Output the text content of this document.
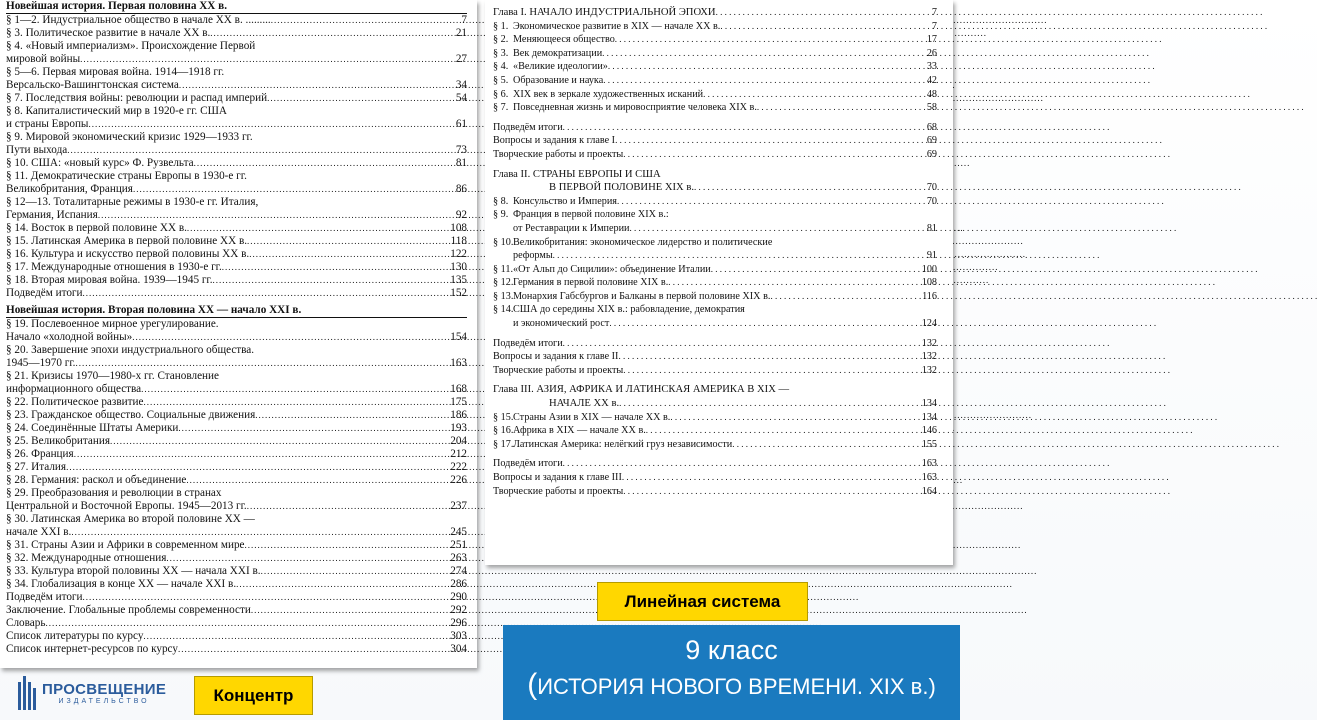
Новейшая история. Первая половина XX в.
§ 1—2. Индустриальное общество в начале XX в. ......... .....	7
§ 3. Политическое развитие в начале XX в. .....	21
§ 4. «Новый империализм». Происхождение Первой
мировой войны .....	27
§ 5—6. Первая мировая война. 1914—1918 гг.
Версальско-Вашингтонская система .....	34
§ 7. Последствия войны: революции и распад империй .....	54
§ 8. Капиталистический мир в 1920-е гг. США
и страны Европы .....	61
§ 9. Мировой экономический кризис 1929—1933 гг.
Пути выхода .....	73
§ 10. США: «новый курс» Ф. Рузвельта .....	81
§ 11. Демократические страны Европы в 1930-е гг.
Великобритания, Франция .....	86
§ 12—13. Тоталитарные режимы в 1930-е гг. Италия,
Германия, Испания .....	92
§ 14. Восток в первой половине XX в. .....	108
§ 15. Латинская Америка в первой половине XX в. .....	118
§ 16. Культура и искусство первой половины XX в. .....	122
§ 17. Международные отношения в 1930-е гг. .....	130
§ 18. Вторая мировая война. 1939—1945 гг. .....	135
Подведём итоги .....	152
Новейшая история. Вторая половина XX — начало XXI в.
§ 19. Послевоенное мирное урегулирование.
Начало «холодной войны» .....	154
§ 20. Завершение эпохи индустриального общества.
1945—1970 гг. .....	163
§ 21. Кризисы 1970—1980-х гг. Становление
информационного общества .....	168
§ 22. Политическое развитие .....	175
§ 23. Гражданское общество. Социальные движения .....	186
§ 24. Соединённые Штаты Америки .....	193
§ 25. Великобритания .....	204
§ 26. Франция .....	212
§ 27. Италия .....	222
§ 28. Германия: раскол и объединение .....	226
§ 29. Преобразования и революции в странах
Центральной и Восточной Европы. 1945—2013 гг. .....	237
§ 30. Латинская Америка во второй половине XX —
начале XXI в. .....	245
§ 31. Страны Азии и Африки в современном мире .....	251
§ 32. Международные отношения .....	263
§ 33. Культура второй половины XX — начала XXI в. .....	274
§ 34. Глобализация в конце XX — начале XXI в. .....	286
Подведём итоги .....	290
Заключение. Глобальные проблемы современности .....	292
Словарь .....	296
Список литературы по курсу .....	303
Список интернет-ресурсов по курсу .....	304
Глава I. НАЧАЛО ИНДУСТРИАЛЬНОЙ ЭПОХИ . . .	7
§ 1. Экономическое развитие в XIX — начале XX в. . . .	7
§ 2. Меняющееся общество . . .	17
§ 3. Век демократизации . . .	26
§ 4. «Великие идеологии» . . .	33
§ 5. Образование и наука . . .	42
§ 6. XIX век в зеркале художественных исканий . . .	48
§ 7. Повседневная жизнь и мировосприятие человека XIX в. . . .	58
Подведём итоги . . .	68
Вопросы и задания к главе I . . .	69
Творческие работы и проекты . . .	69
Глава II. СТРАНЫ ЕВРОПЫ И США
В ПЕРВОЙ ПОЛОВИНЕ XIX в. . . .	70
§ 8. Консульство и Империя . . .	70
§ 9. Франция в первой половине XIX в.:
от Реставрации к Империи . . .	81
§ 10. Великобритания: экономическое лидерство и политические
реформы . . .	91
§ 11. «От Альп до Сицилии»: объединение Италии . . .	100
§ 12. Германия в первой половине XIX в. . . .	108
§ 13. Монархия Габсбургов и Балканы в первой половине XIX в. . . .	116
§ 14. США до середины XIX в.: рабовладение, демократия
и экономический рост . . .	124
Подведём итоги . . .	132
Вопросы и задания к главе II . . .	132
Творческие работы и проекты . . .	132
Глава III. АЗИЯ, АФРИКА И ЛАТИНСКАЯ АМЕРИКА В XIX —
НАЧАЛЕ XX в. . . .	134
§ 15. Страны Азии в XIX — начале XX в. . . .	134
§ 16. Африка в XIX — начале XX в. . . .	146
§ 17. Латинская Америка: нелёгкий груз независимости . . .	155
Подведём итоги . . .	163
Вопросы и задания к главе III . . .	163
Творческие работы и проекты . . .	164
Линейная система
Концентр
9 класс
(ИСТОРИЯ НОВОГО ВРЕМЕНИ. XIX в.)
ПРОСВЕЩЕНИЕ
ИЗДАТЕЛЬСТВО
